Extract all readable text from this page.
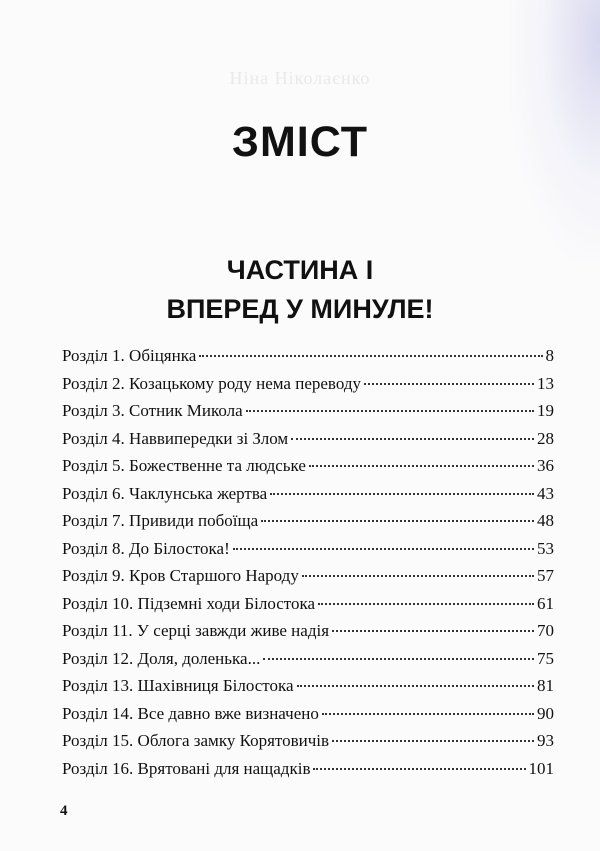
Ніна Ніколаєнко
ЗМІСТ
ЧАСТИНА І
ВПЕРЕД У МИНУЛЕ!
Розділ 1. Обіцянка	8
Розділ 2. Козацькому роду нема переводу	13
Розділ 3. Сотник Микола	19
Розділ 4. Наввипередки зі Злом	28
Розділ 5. Божественне та людське	36
Розділ 6. Чаклунська жертва	43
Розділ 7. Привиди побоїща	48
Розділ 8. До Білостока!	53
Розділ 9. Кров Старшого Народу	57
Розділ 10. Підземні ходи Білостока	61
Розділ 11. У серці завжди живе надія	70
Розділ 12. Доля, доленька...	75
Розділ 13. Шахівниця Білостока	81
Розділ 14. Все давно вже визначено	90
Розділ 15. Облога замку Корятовичів	93
Розділ 16. Врятовані для нащадків	101
4
